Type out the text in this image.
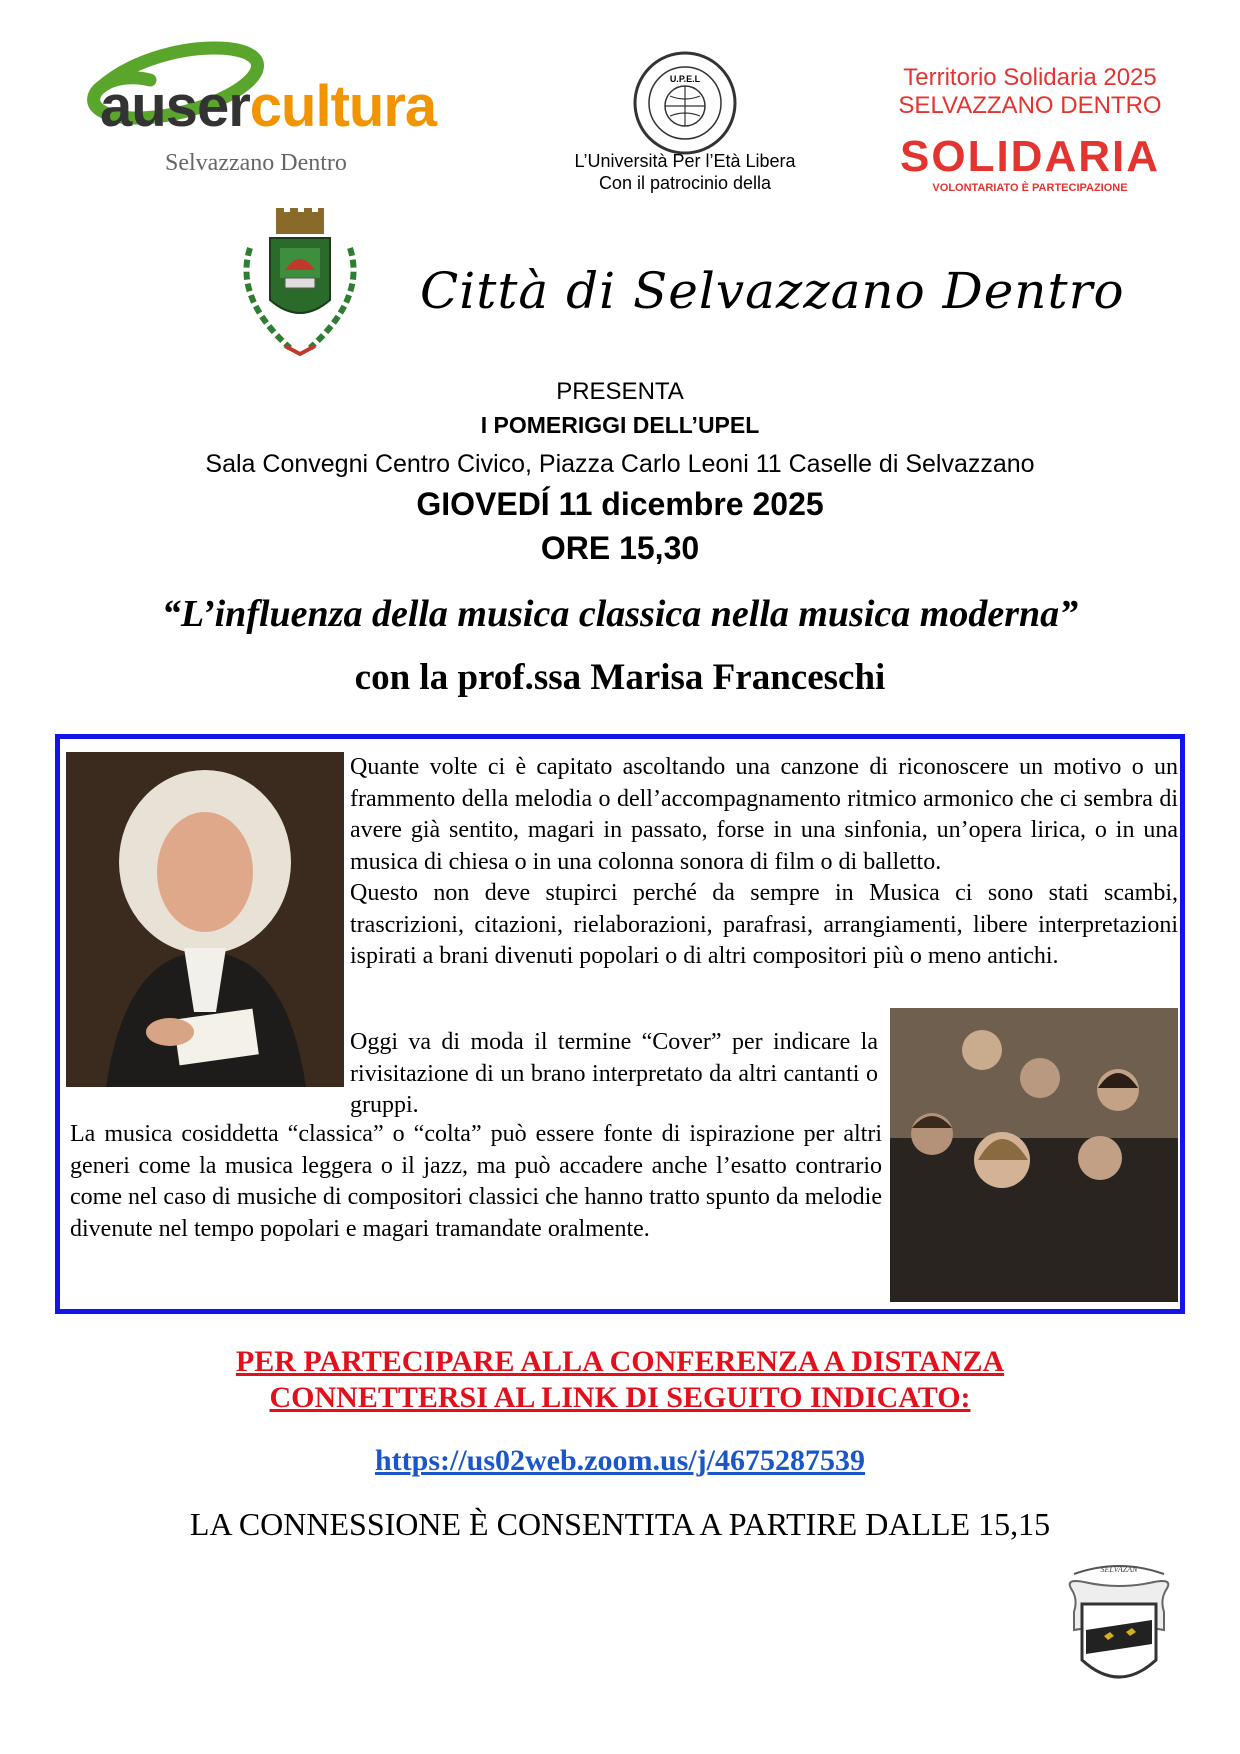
ausercultura
Selvazzano Dentro
U.P.E.L
L’Università Per l’Età Libera
Con il patrocinio della
Territorio Solidaria 2025
SELVAZZANO DENTRO
SOLIDARIA
VOLONTARIATO È PARTECIPAZIONE
Città di Selvazzano Dentro
PRESENTA
I POMERIGGI DELL’UPEL
Sala Convegni Centro Civico, Piazza Carlo Leoni 11 Caselle di Selvazzano
GIOVEDÍ 11 dicembre 2025
ORE 15,30
“L’influenza della musica classica nella musica moderna”
con la prof.ssa Marisa Franceschi

Quante volte ci è capitato ascoltando una canzone di riconoscere un motivo o un frammento della melodia o dell’accompagnamento ritmico armonico che ci sembra di avere già sentito, magari in passato, forse in una sinfonia, un’opera lirica, o in una musica di chiesa o in una colonna sonora di film o di balletto.

Questo non deve stupirci perché da sempre in Musica ci sono stati scambi, trascrizioni, citazioni, rielaborazioni, parafrasi, arrangiamenti, libere interpretazioni ispirati a brani divenuti popolari o di altri compositori più o meno antichi.

Oggi va di moda il termine “Cover” per indicare la rivisitazione di un brano interpretato da altri cantanti o gruppi.

La musica cosiddetta “classica” o “colta” può essere fonte di ispirazione per altri generi come la musica leggera o il jazz, ma può accadere anche l’esatto contrario come nel caso di musiche di compositori classici che hanno tratto spunto da melodie divenute nel tempo popolari e magari tramandate oralmente.

PER PARTECIPARE ALLA CONFERENZA A DISTANZA
CONNETTERSI AL LINK DI SEGUITO INDICATO:
https://us02web.zoom.us/j/4675287539
LA CONNESSIONE È CONSENTITA A PARTIRE DALLE 15,15
SELVAZAN
